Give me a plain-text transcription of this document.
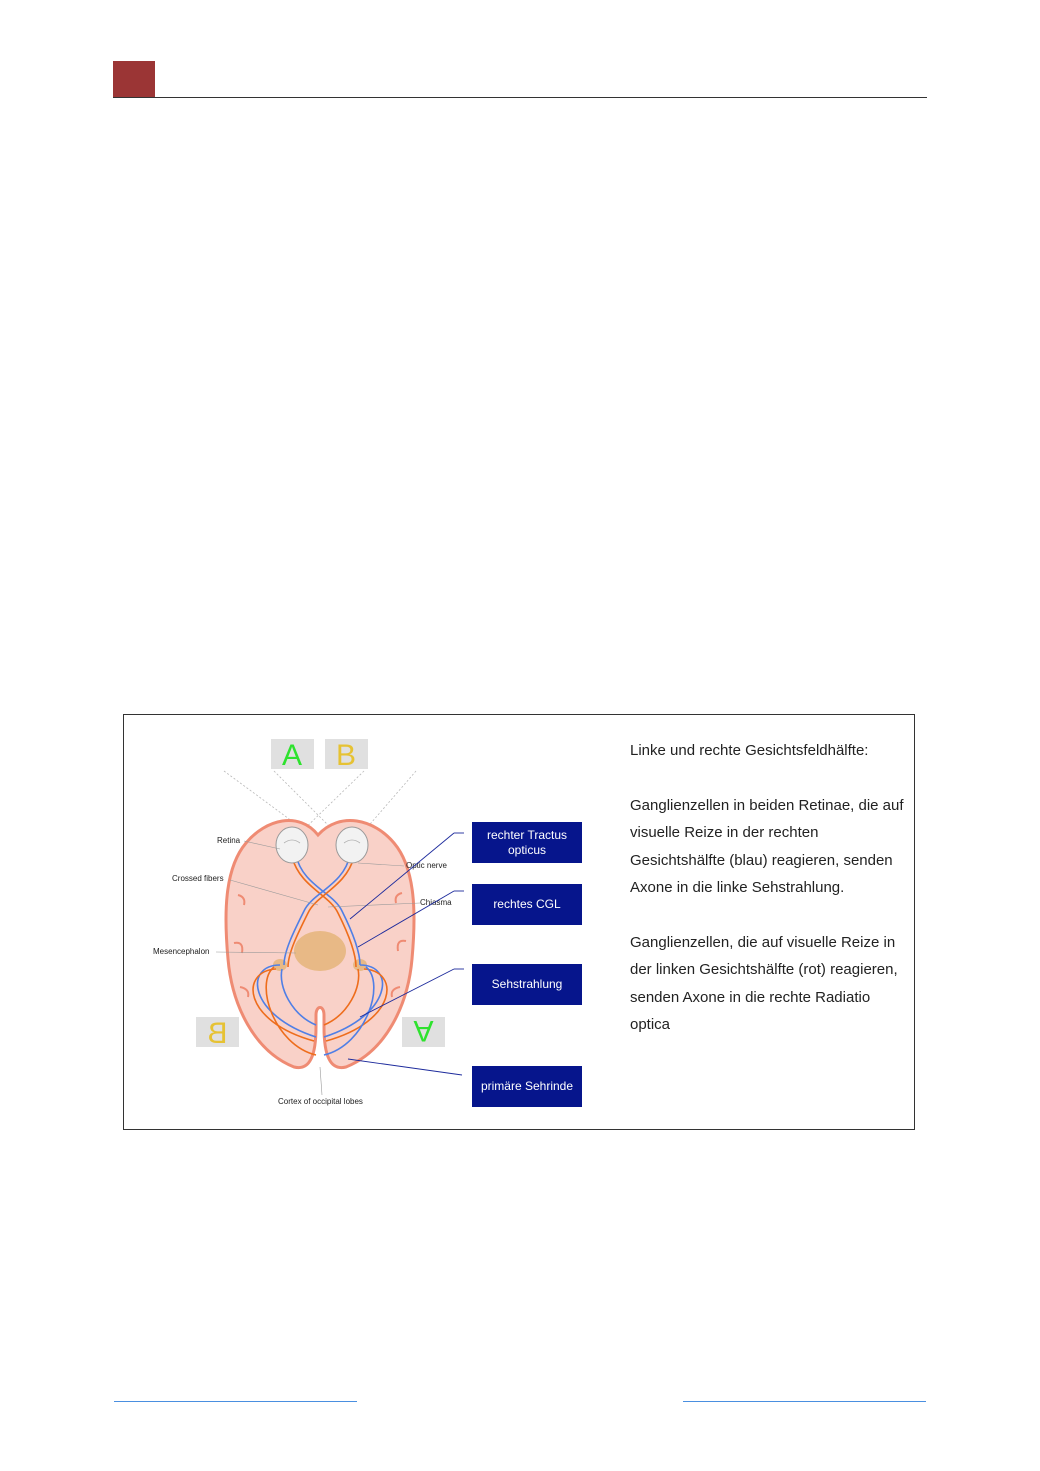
A B
B	A
Retina
Crossed fibers
Mesencephalon
Optic nerve
Chiasma
Cortex of occipital lobes
rechter Tractus
opticus
rechtes CGL
Sehstrahlung
primäre Sehrinde

Linke und rechte Gesichtsfeldhälfte:

Ganglienzellen in beiden Retinae, die auf visuelle Reize in der rechten Gesichtshälfte (blau) reagieren, senden Axone in die linke Sehstrahlung.

Ganglienzellen, die auf visuelle Reize in der linken Gesichtshälfte (rot) reagieren, senden Axone in die rechte Radiatio optica
